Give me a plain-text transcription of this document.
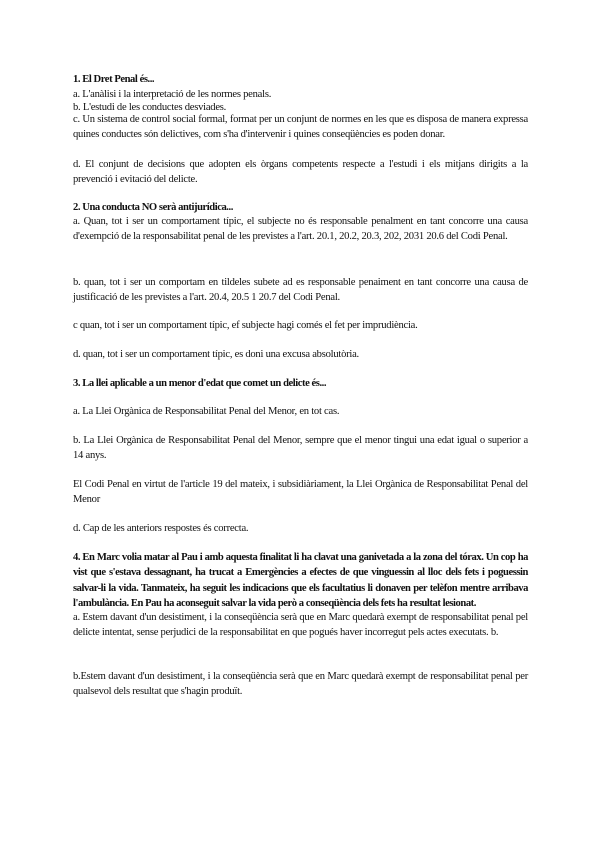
1. El Dret Penal és...
a. L'anàlisi i la interpretació de les normes penals.
b. L'estudi de les conductes desviades.
c. Un sistema de control social formal, format per un conjunt de normes en les que es disposa de manera expressa quines conductes són delictives, com s'ha d'intervenir i quines conseqüències es poden donar.
d. El conjunt de decisions que adopten els òrgans competents respecte a l'estudi i els mitjans dirigits a la prevenció i evitació del delicte.
2. Una conducta NO serà antijurídica...
a. Quan, tot i ser un comportament típic, el subjecte no és responsable penalment en tant concorre una causa d'exempció de la responsabilitat penal de les previstes a l'art. 20.1, 20.2, 20.3, 202, 2031 20.6 del Codi Penal.
b. quan, tot i ser un comportam en tildeles subete ad es responsable penaiment en tant concorre una causa de justificació de les previstes a l'art. 20.4, 20.5 1 20.7 del Codi Penal.
c quan, tot i ser un comportament típic, ef subjecte hagi comés el fet per imprudiència.
d. quan, tot i ser un comportament típic, es doni una excusa absolutòria.
3. La llei aplicable a un menor d'edat que comet un delicte és...
a. La Llei Orgànica de Responsabilitat Penal del Menor, en tot cas.
b. La Llei Orgànica de Responsabilitat Penal del Menor, sempre que el menor tingui una edat igual o superior a 14 anys.
El Codi Penal en virtut de l'article 19 del mateix, i subsidiàriament, la Llei Orgànica de Responsabilitat Penal del Menor
d. Cap de les anteriors respostes és correcta.
4. En Marc volia matar al Pau i amb aquesta finalitat li ha clavat una ganivetada a la zona del tórax. Un cop ha vist que s'estava dessagnant, ha trucat a Emergències a efectes de que vinguessin al lloc dels fets i poguessin salvar-li la vida. Tanmateix, ha seguit les indicacions que els facultatius li donaven per telèfon mentre arribava l'ambulància. En Pau ha aconseguit salvar la vida però a conseqüència dels fets ha resultat lesionat.
a. Estem davant d'un desistiment, i la conseqüència serà que en Marc quedarà exempt de responsabilitat penal pel delicte intentat, sense perjudici de la responsabilitat en que pogués haver incorregut pels actes executats. b.
b.Estem davant d'un desistiment, i la conseqüència serà que en Marc quedarà exempt de responsabilitat penal per qualsevol dels resultat que s'hagin produït.
